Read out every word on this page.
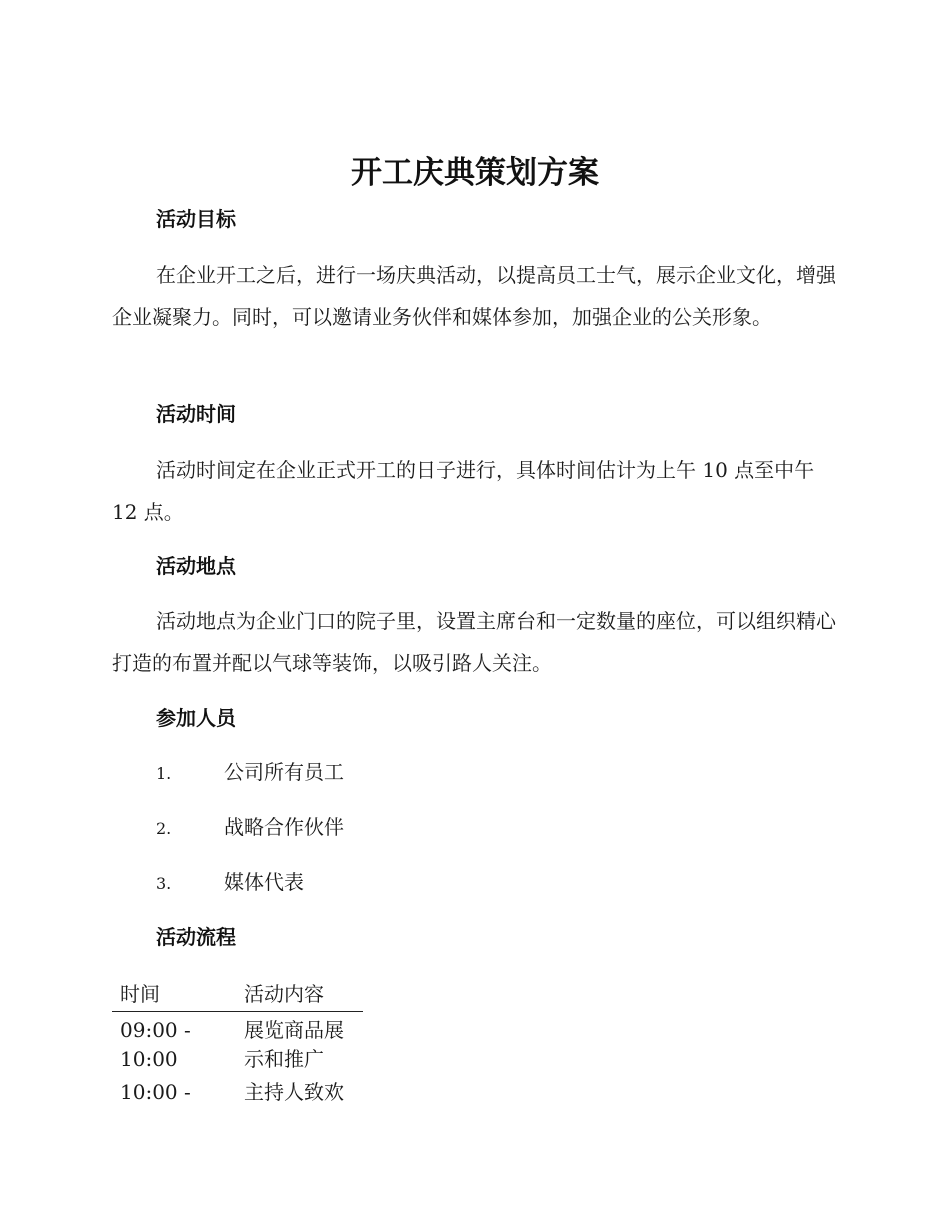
开工庆典策划方案
活动目标

在企业开工之后，进行一场庆典活动，以提高员工士气，展示企业文化，增强企业凝聚力。同时，可以邀请业务伙伴和媒体参加，加强企业的公关形象。

活动时间

活动时间定在企业正式开工的日子进行，具体时间估计为上午 10 点至中午 12 点。

活动地点

活动地点为企业门口的院子里，设置主席台和一定数量的座位，可以组织精心打造的布置并配以气球等装饰，以吸引路人关注。

参加人员
1.	公司所有员工
2.	战略合作伙伴
3.	媒体代表
活动流程
时间	活动内容
09:00 - 10:00	展览商品展示和推广
10:00 -	主持人致欢
